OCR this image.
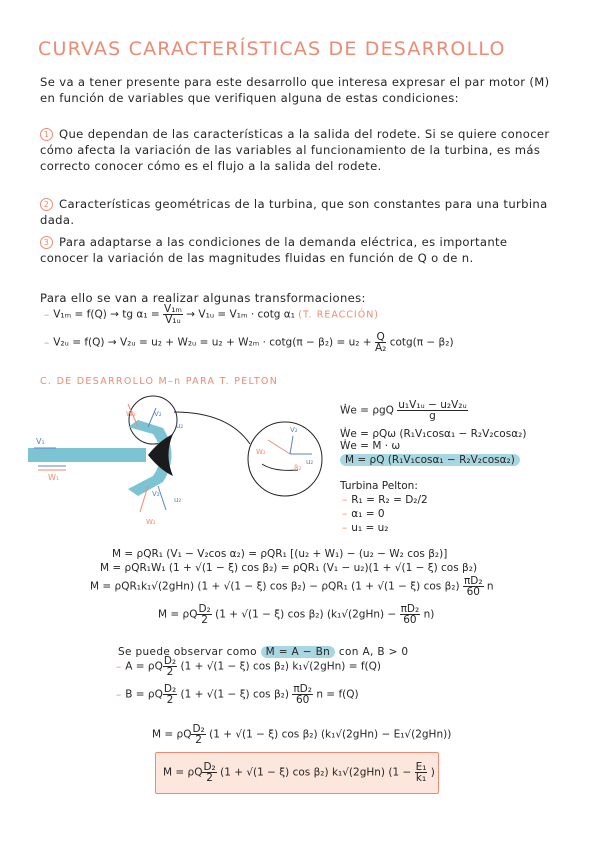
CURVAS CARACTERÍSTICAS DE DESARROLLO
Se va a tener presente para este desarrollo que interesa expresar el par motor (M) en función de variables que verifiquen alguna de estas condiciones:
1 Que dependan de las características a la salida del rodete. Si se quiere conocer cómo afecta la variación de las variables al funcionamiento de la turbina, es más correcto conocer cómo es el flujo a la salida del rodete.
2 Características geométricas de la turbina, que son constantes para una turbina dada.
3 Para adaptarse a las condiciones de la demanda eléctrica, es importante conocer la variación de las magnitudes fluidas en función de Q o de n.
Para ello se van a realizar algunas transformaciones:
– V₁ₘ = f(Q) → tg $\alpha_1 = \frac{\text{V₁ₘ}}{\text{V₁ᵤ}}$ → V₁ᵤ = V₁ₘ · cotg α₁ (T. REACCIÓN)
– V₂ᵤ = f(Q) → V₂ᵤ = u₂ + W₂ᵤ = $u_2 + W_{2m} \cdot \cot g(\pi - \beta_2) = u_2 + \frac{Q}{\text{A₂}} \cot g(\pi - \beta_2)$
C. DE DESARROLLO M–n PARA T. PELTON
V₁
W₁
W₂	V₂
u₂
V₂
W₂
u₂
W₂
V₂
u₂
β₂
Ẇe = ρgQ $\frac{\text{u₁V₁ᵤ − u₂V₂ᵤ}}{g}$
Ẇe = ρQω (R₁V₁cosα₁ − R₂V₂cosα₂)
Ẇe = M · ω
M = ρQ (R₁V₁cosα₁ − R₂V₂cosα₂)
Turbina Pelton:
– R₁ = R₂ = D₂/2
– α₁ = 0
– u₁ = u₂
M = ρQR₁ (V₁ − V₂cos α₂) = ρQR₁ [(u₂ + W₁) − (u₂ − W₂ cos β₂)]
M = ρQR₁W₁ (1 + √(1 − ξ) cos β₂) = ρQR₁ (V₁ − u₂)(1 + √(1 − ξ) cos β₂)
M = ρQR₁k₁√(2gHn) (1 + √(1 − ξ) cos β₂) − ρQR₁ (1 + √(1 − ξ) $\cos \beta_2) \frac{\text{πD₂}}{60}$ n
M = ρQ $\frac{\text{D₂}}{2} (1 + √(1 - \xi)$ cos β₂) $(k_1√(2gHn) - \frac{\text{πD₂}}{60} n)$
Se puede observar como M = A − Bn con A, B > 0
– A = ρQ $\frac{\text{D₂}}{2} (1 + √(1 - \xi)$ cos β₂) k₁√(2gHn) = f(Q)
– B = ρQ $\frac{\text{D₂}}{2} (1 + √(1 - \xi)$ $\cos \beta_2) \frac{\text{πD₂}}{60}$ n = f(Q)
M = ρQ $\frac{\text{D₂}}{2} (1 + √(1 - \xi)$ cos β₂) (k₁√(2gHn) − E₁√(2gHn))
M = ρQ $\frac{\text{D₂}}{2} (1 + √(1 - \xi)$ cos β₂) k₁√(2gHn) ($1 - \frac{\text{E₁}}{\text{k₁}}$ )
